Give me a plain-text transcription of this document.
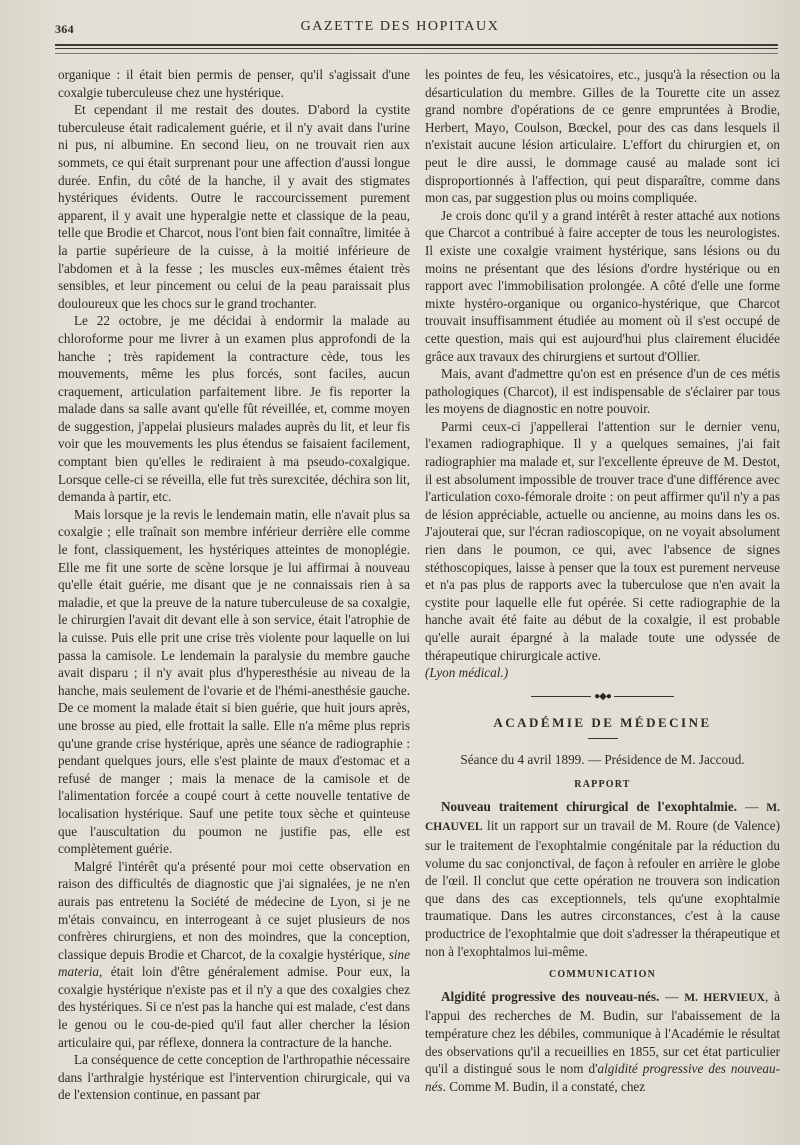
364	GAZETTE DES HOPITAUX

organique : il était bien permis de penser, qu'il s'agissait d'une coxalgie tuberculeuse chez une hystérique.

Et cependant il me restait des doutes. D'abord la cystite tuberculeuse était radicalement guérie, et il n'y avait dans l'urine ni pus, ni albumine. En second lieu, on ne trouvait rien aux sommets, ce qui était surprenant pour une affection d'aussi longue durée. Enfin, du côté de la hanche, il y avait des stigmates hystériques évidents. Outre le raccourcissement purement apparent, il y avait une hyperalgie nette et classique de la peau, telle que Brodie et Charcot, nous l'ont bien fait connaître, limitée à la partie supérieure de la cuisse, à la moitié inférieure de l'abdomen et à la fesse ; les muscles eux-mêmes étaient très sensibles, et leur pincement ou celui de la peau paraissait plus douloureux que les chocs sur le grand trochanter.

Le 22 octobre, je me décidai à endormir la malade au chloroforme pour me livrer à un examen plus approfondi de la hanche ; très rapidement la contracture cède, tous les mouvements, même les plus forcés, sont faciles, aucun craquement, articulation parfaitement libre. Je fis reporter la malade dans sa salle avant qu'elle fût réveillée, et, comme moyen de suggestion, j'appelai plusieurs malades auprès du lit, et leur fis voir que les mouvements les plus étendus se faisaient facilement, comptant bien qu'elles le rediraient à ma pseudo-coxalgique. Lorsque celle-ci se réveilla, elle fut très surexcitée, déchira son lit, demanda à partir, etc.

Mais lorsque je la revis le lendemain matin, elle n'avait plus sa coxalgie ; elle traînait son membre inférieur derrière elle comme le font, classiquement, les hystériques atteintes de monoplégie. Elle me fit une sorte de scène lorsque je lui affirmai à nouveau qu'elle était guérie, me disant que je ne connaissais rien à sa maladie, et que la preuve de la nature tuberculeuse de sa coxalgie, le chirurgien l'avait dit devant elle à son service, était l'atrophie de la cuisse. Puis elle prit une crise très violente pour laquelle on lui passa la camisole. Le lendemain la paralysie du membre gauche avait disparu ; il n'y avait plus d'hyperesthésie au niveau de la hanche, mais seulement de l'ovarie et de l'hémi-anesthésie gauche. De ce moment la malade était si bien guérie, que huit jours après, une brosse au pied, elle frottait la salle. Elle n'a même plus repris qu'une grande crise hystérique, après une séance de radiographie : pendant quelques jours, elle s'est plainte de maux d'estomac et a refusé de manger ; mais la menace de la camisole et de l'alimentation forcée a coupé court à cette nouvelle tentative de localisation hystérique. Sauf une petite toux sèche et quinteuse que l'auscultation du poumon ne justifie pas, elle est complètement guérie.

Malgré l'intérêt qu'a présenté pour moi cette observation en raison des difficultés de diagnostic que j'ai signalées, je ne n'en aurais pas entretenu la Société de médecine de Lyon, si je ne m'étais convaincu, en interrogeant à ce sujet plusieurs de nos confrères chirurgiens, et non des moindres, que la conception, classique depuis Brodie et Charcot, de la coxalgie hystérique, sine materia, était loin d'être généralement admise. Pour eux, la coxalgie hystérique n'existe pas et il n'y a que des coxalgies chez des hystériques. Si ce n'est pas la hanche qui est malade, c'est dans le genou ou le cou-de-pied qu'il faut aller chercher la lésion articulaire qui, par réflexe, donnera la contracture de la hanche.

La conséquence de cette conception de l'arthropathie nécessaire dans l'arthralgie hystérique est l'intervention chirurgicale, qui va de l'extension continue, en passant par

les pointes de feu, les vésicatoires, etc., jusqu'à la résection ou la désarticulation du membre. Gilles de la Tourette cite un assez grand nombre d'opérations de ce genre empruntées à Brodie, Herbert, Mayo, Coulson, Bœckel, pour des cas dans lesquels il n'existait aucune lésion articulaire. L'effort du chirurgien et, on peut le dire aussi, le dommage causé au malade sont ici disproportionnés à l'affection, qui peut disparaître, comme dans mon cas, par suggestion plus ou moins compliquée.

Je crois donc qu'il y a grand intérêt à rester attaché aux notions que Charcot a contribué à faire accepter de tous les neurologistes. Il existe une coxalgie vraiment hystérique, sans lésions ou du moins ne présentant que des lésions d'ordre hystérique ou en rapport avec l'immobilisation prolongée. A côté d'elle une forme mixte hystéro-organique ou organico-hystérique, que Charcot trouvait insuffisamment étudiée au moment où il s'est occupé de cette question, mais qui est aujourd'hui plus clairement élucidée grâce aux travaux des chirurgiens et surtout d'Ollier.

Mais, avant d'admettre qu'on est en présence d'un de ces métis pathologiques (Charcot), il est indispensable de s'éclairer par tous les moyens de diagnostic en notre pouvoir.

Parmi ceux-ci j'appellerai l'attention sur le dernier venu, l'examen radiographique. Il y a quelques semaines, j'ai fait radiographier ma malade et, sur l'excellente épreuve de M. Destot, il est absolument impossible de trouver trace d'une différence avec l'articulation coxo-fémorale droite : on peut affirmer qu'il n'y a pas de lésion appréciable, actuelle ou ancienne, au moins dans les os. J'ajouterai que, sur l'écran radioscopique, on ne voyait absolument rien dans le poumon, ce qui, avec l'absence de signes stéthoscopiques, laisse à penser que la toux est purement nerveuse et n'a pas plus de rapports avec la tuberculose que n'en avait la cystite pour laquelle elle fut opérée. Si cette radiographie de la hanche avait été faite au début de la coxalgie, il est probable qu'elle aurait épargné à la malade toute une odyssée de thérapeutique chirurgicale active.

(Lyon médical.)

●◆●
ACADÉMIE DE MÉDECINE
Séance du 4 avril 1899. — Présidence de M. Jaccoud.
RAPPORT

Nouveau traitement chirurgical de l'exophtalmie. — M. CHAUVEL lit un rapport sur un travail de M. Roure (de Valence) sur le traitement de l'exophtalmie congénitale par la réduction du volume du sac conjonctival, de façon à refouler en arrière le globe de l'œil. Il conclut que cette opération ne trouvera son indication que dans des cas exceptionnels, tels qu'une exophtalmie traumatique. Dans les autres circonstances, c'est à la cause productrice de l'exophtalmie que doit s'adresser la thérapeutique et non à l'exophtalmos lui-même.

COMMUNICATION

Algidité progressive des nouveau-nés. — M. HERVIEUX, à l'appui des recherches de M. Budin, sur l'abaissement de la température chez les débiles, communique à l'Académie le résultat des observations qu'il a recueillies en 1855, sur cet état particulier qu'il a distingué sous le nom d'algidité progressive des nouveau-nés. Comme M. Budin, il a constaté, chez
